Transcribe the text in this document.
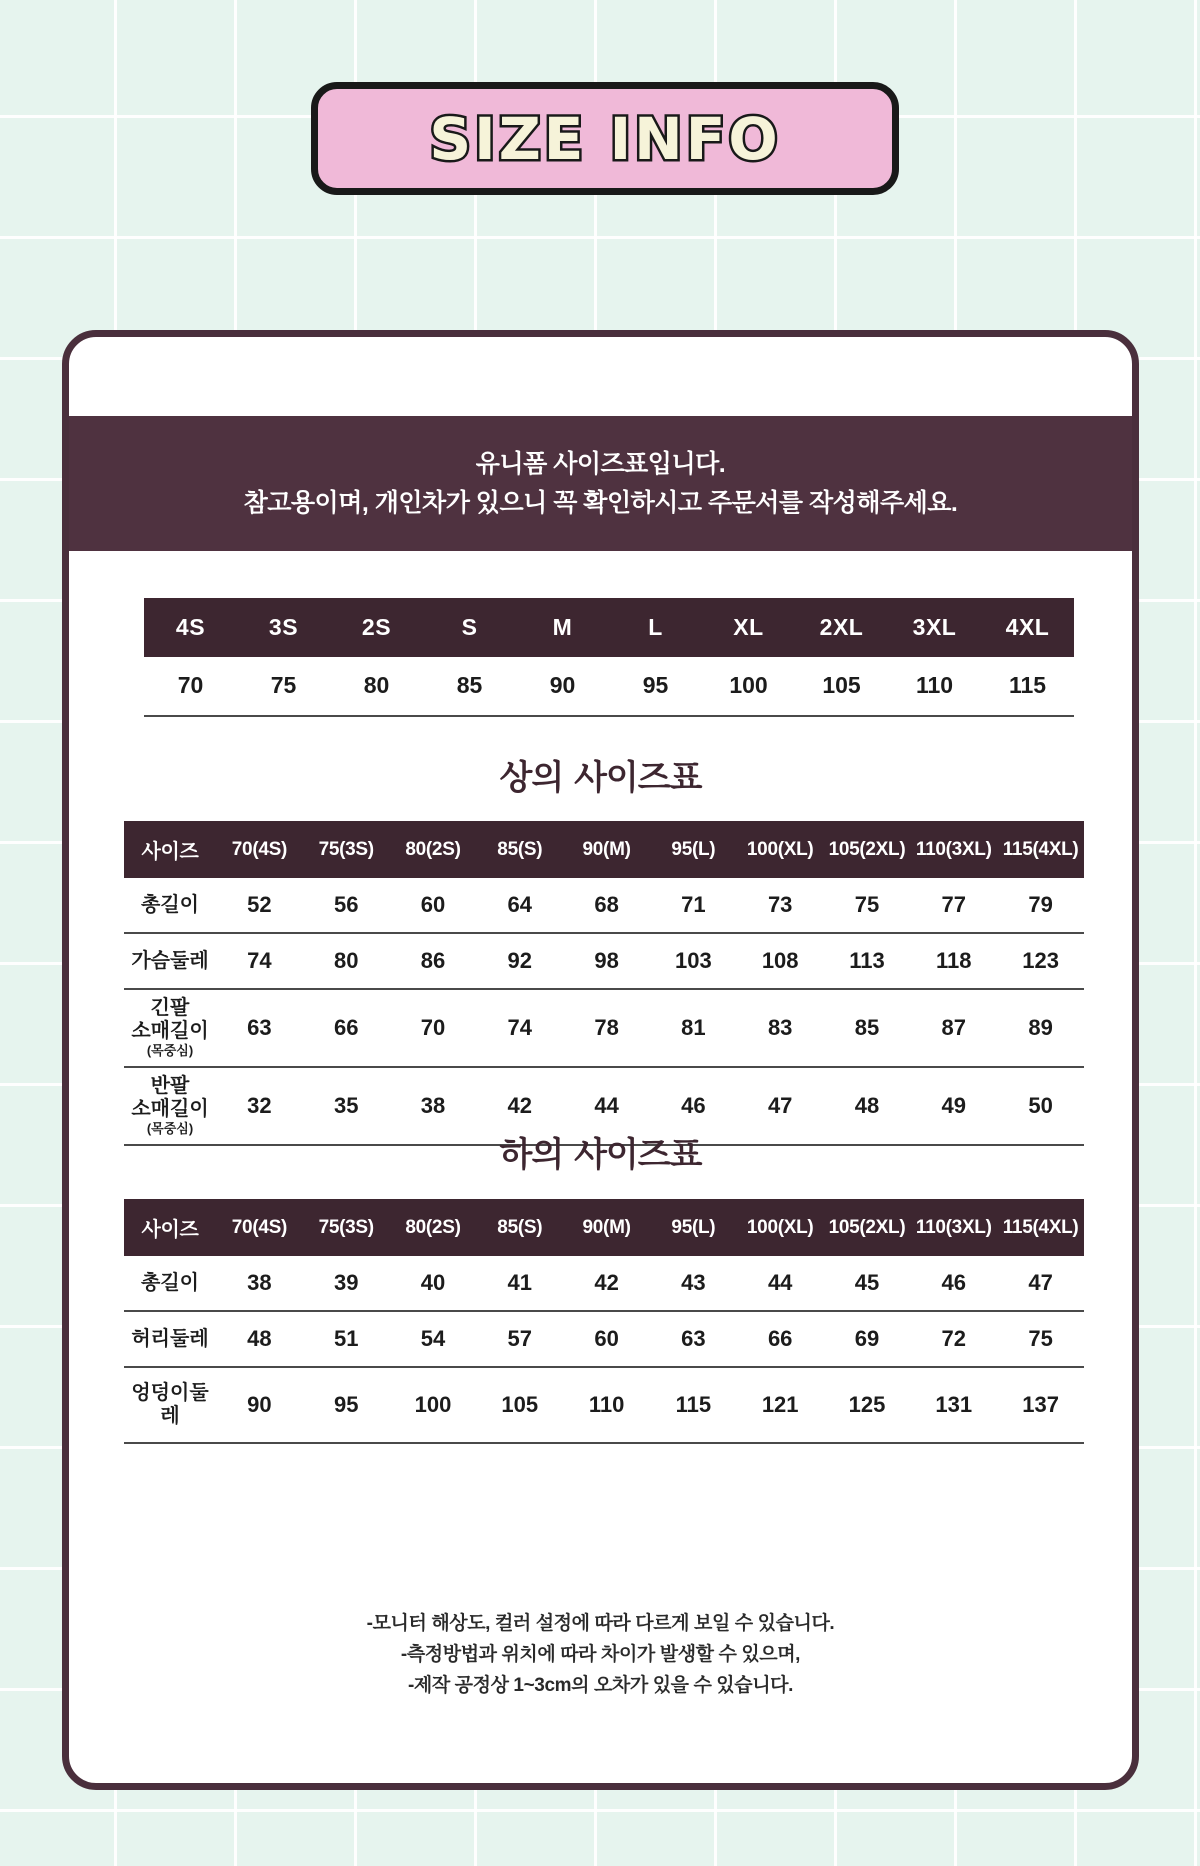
SIZE INFO
유니폼 사이즈표입니다.
참고용이며, 개인차가 있으니 꼭 확인하시고 주문서를 작성해주세요.
4S	3S	2S	S	M	L	XL	2XL	3XL	4XL
70	75	80	85	90	95	100	105	110	115
상의 사이즈표
사이즈	70(4S)	75(3S)	80(2S)	85(S)	90(M)	95(L)	100(XL)	105(2XL)	110(3XL)	115(4XL)
총길이	52	56	60	64	68	71	73	75	77	79
가슴둘레	74	80	86	92	98	103	108	113	118	123
긴팔
소매길이
(목중심)	63	66	70	74	78	81	83	85	87	89
반팔
소매길이
(목중심)	32	35	38	42	44	46	47	48	49	50
하의 사이즈표
사이즈	70(4S)	75(3S)	80(2S)	85(S)	90(M)	95(L)	100(XL)	105(2XL)	110(3XL)	115(4XL)
총길이	38	39	40	41	42	43	44	45	46	47
허리둘레	48	51	54	57	60	63	66	69	72	75
엉덩이둘레	90	95	100	105	110	115	121	125	131	137
-모니터 해상도, 컬러 설정에 따라 다르게 보일 수 있습니다.
-측정방법과 위치에 따라 차이가 발생할 수 있으며,
-제작 공정상 1~3cm의 오차가 있을 수 있습니다.
